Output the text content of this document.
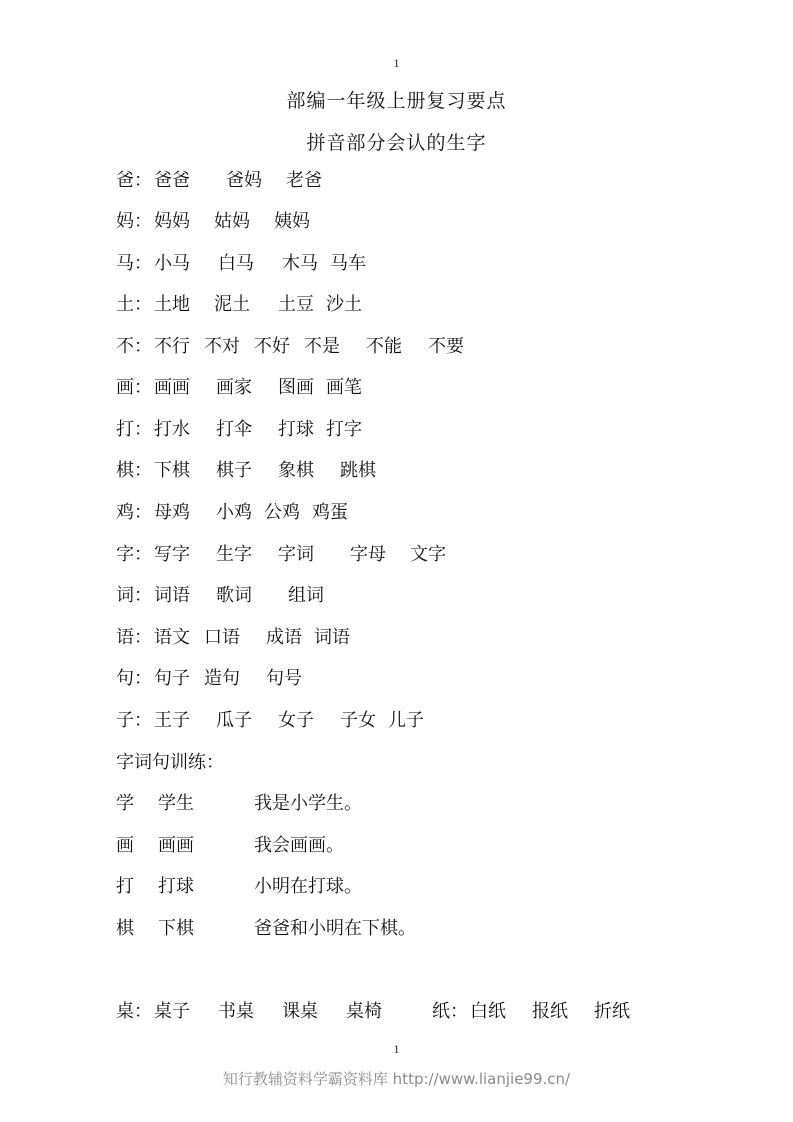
1
部编一年级上册复习要点
拼音部分会认的生字
爸： 爸爸 爸妈 老爸
妈： 妈妈 姑妈 姨妈
马： 小马 白马 木马 马车
土： 土地 泥土 土豆 沙土
不： 不行 不对 不好 不是 不能 不要
画： 画画 画家 图画 画笔
打： 打水 打伞 打球 打字
棋： 下棋 棋子 象棋 跳棋
鸡： 母鸡 小鸡 公鸡 鸡蛋
字： 写字 生字 字词 字母 文字
词： 词语 歌词 组词
语： 语文 口语 成语 词语
句： 句子 造句 句号
子： 王子 瓜子 女子 子女 儿子
字词句训练：
学 学生	我是小学生。
画 画画	我会画画。
打 打球	小明在打球。
棋 下棋	爸爸和小明在下棋。
桌： 桌子 书桌 课桌 桌椅	纸： 白纸 报纸 折纸
1
知行教辅资料学霸资料库 http://www.lianjie99.cn/
